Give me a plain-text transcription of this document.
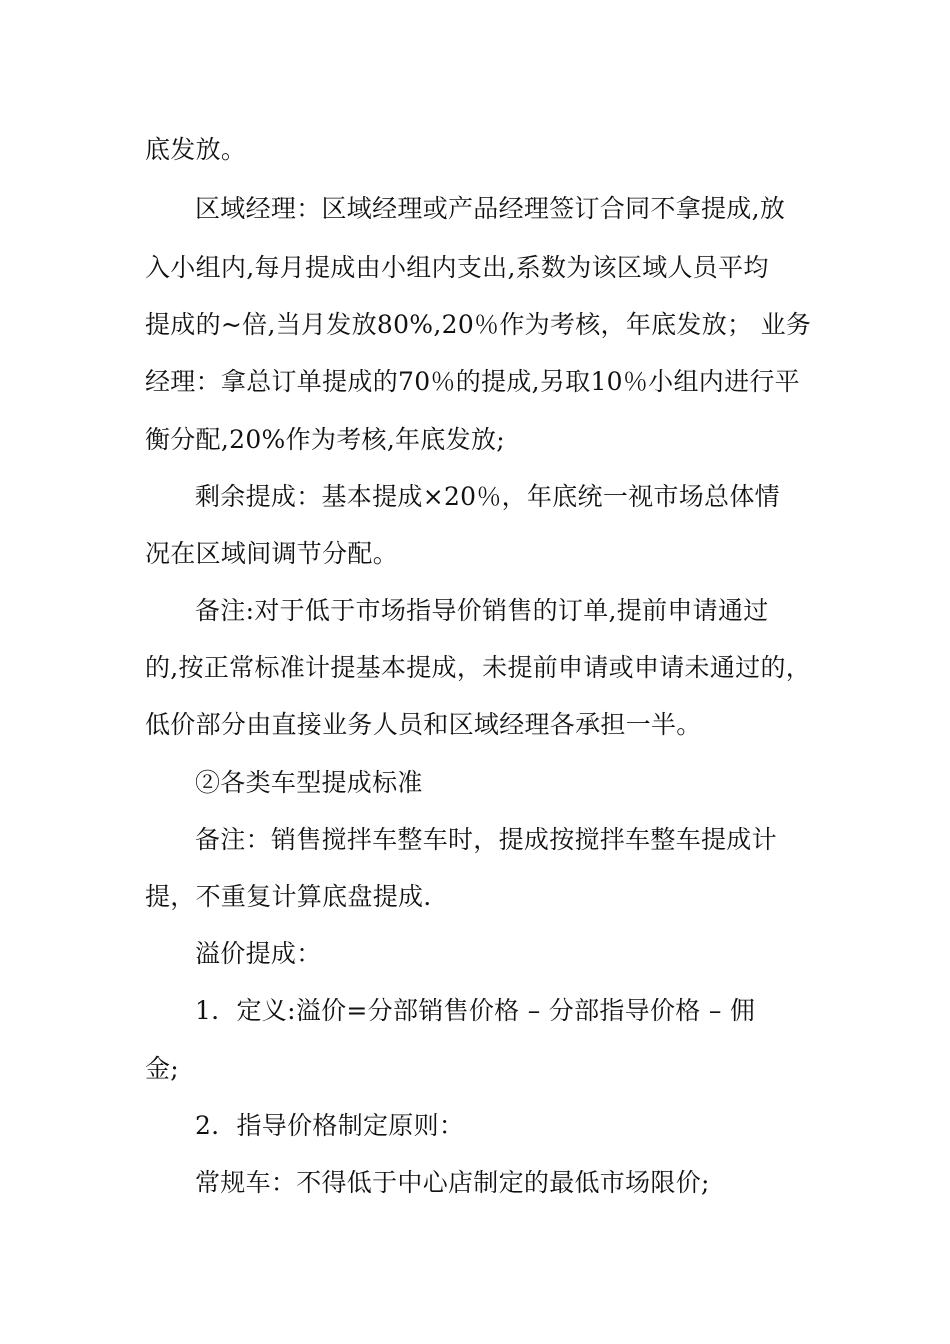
底发放。
区域经理：区域经理或产品经理签订合同不拿提成,放
入小组内,每月提成由小组内支出,系数为该区域人员平均
提成的~倍,当月发放80%,20％作为考核，年底发放； 业务
经理：拿总订单提成的70％的提成,另取10％小组内进行平
衡分配,20%作为考核,年底发放;
剩余提成：基本提成×20％，年底统一视市场总体情
况在区域间调节分配。
备注:对于低于市场指导价销售的订单,提前申请通过
的,按正常标准计提基本提成，未提前申请或申请未通过的，
低价部分由直接业务人员和区域经理各承担一半。
②各类车型提成标准
备注：销售搅拌车整车时，提成按搅拌车整车提成计
提，不重复计算底盘提成.
溢价提成：
1．定义:溢价=分部销售价格 – 分部指导价格 – 佣
金;
2．指导价格制定原则：
常规车：不得低于中心店制定的最低市场限价;
